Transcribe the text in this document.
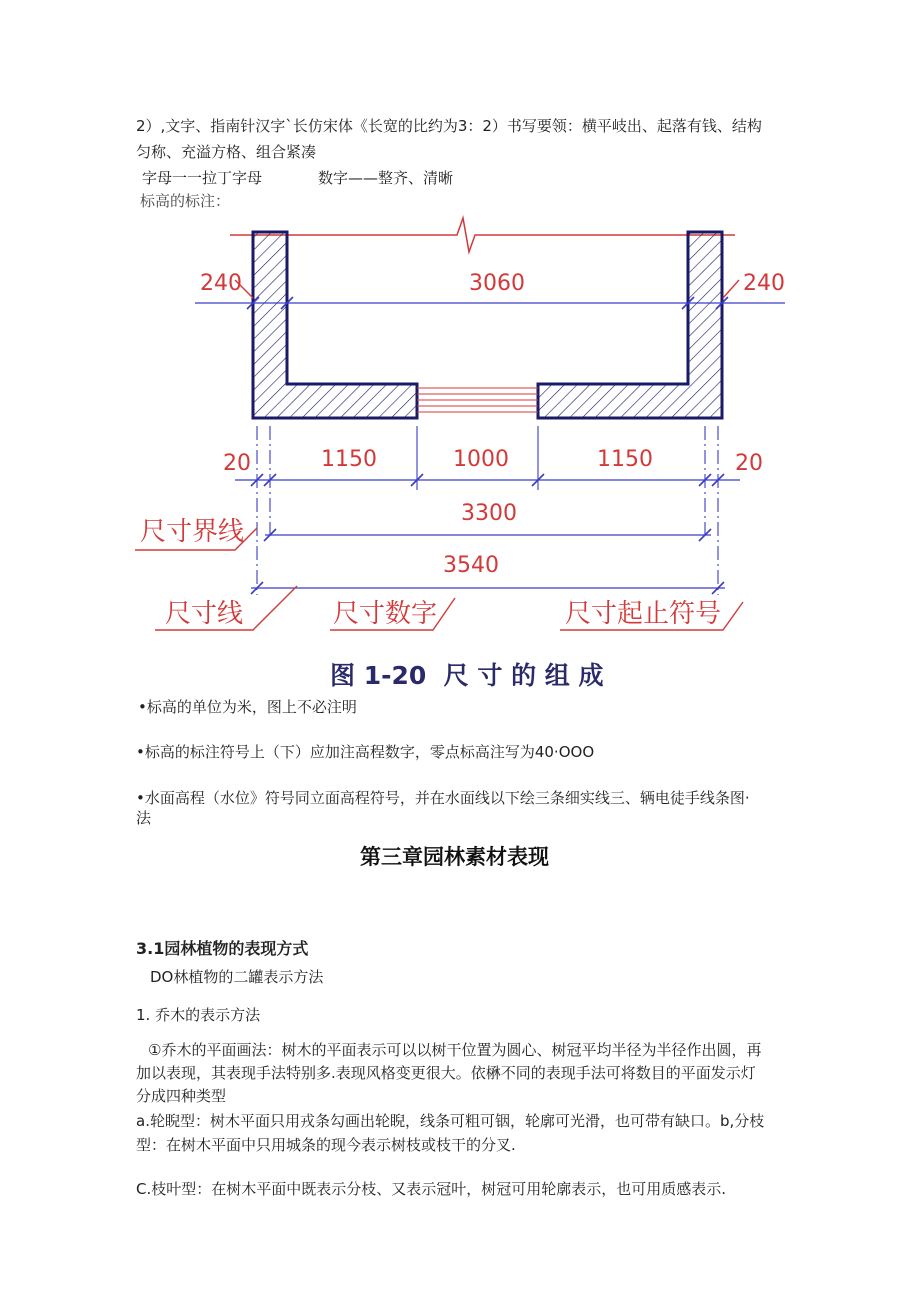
2）,文字、指南针汉字`长仿宋体《长宽的比约为3：2）书写要领：横平岐出、起落有钱、结构
匀称、充溢方格、组合紧凑
字母一一拉丁字母	数字——整齐、清晰
标高的标注：
240	3060	240
20	1150	1000	1150	20
3300
3540
尺寸界线
尺寸线	尺寸数字	尺寸起止符号
图 1-20  尺 寸 的 组 成
•标高的单位为米，图上不必注明
•标高的标注符号上（下）应加注高程数字，零点标高注写为40·OOO
•水面高程（水位》符号同立面高程符号，并在水面线以下绘三条细实线三、辆电徒手线条图·
法
第三章园林素材表现
3.1园林植物的表现方式
DO林植物的二罐表示方法
1. 乔木的表示方法
①乔木的平面画法：树木的平面表示可以以树干位置为圆心、树冠平均半径为半径作出圆，再
加以表现，其表现手法特别多.表现风格变更很大。依楙不同的表现手法可将数目的平面发示灯
分成四种类型
a.轮睨型：树木平面只用戎条勾画出轮睨，线条可粗可铟，轮廓可光滑，也可带有缺口。b,分枝
型：在树木平面中只用城条的现今表示树枝或枝干的分叉.
C.枝叶型：在树木平面中既表示分枝、又表示冠叶，树冠可用轮廓表示，也可用质感表示.
